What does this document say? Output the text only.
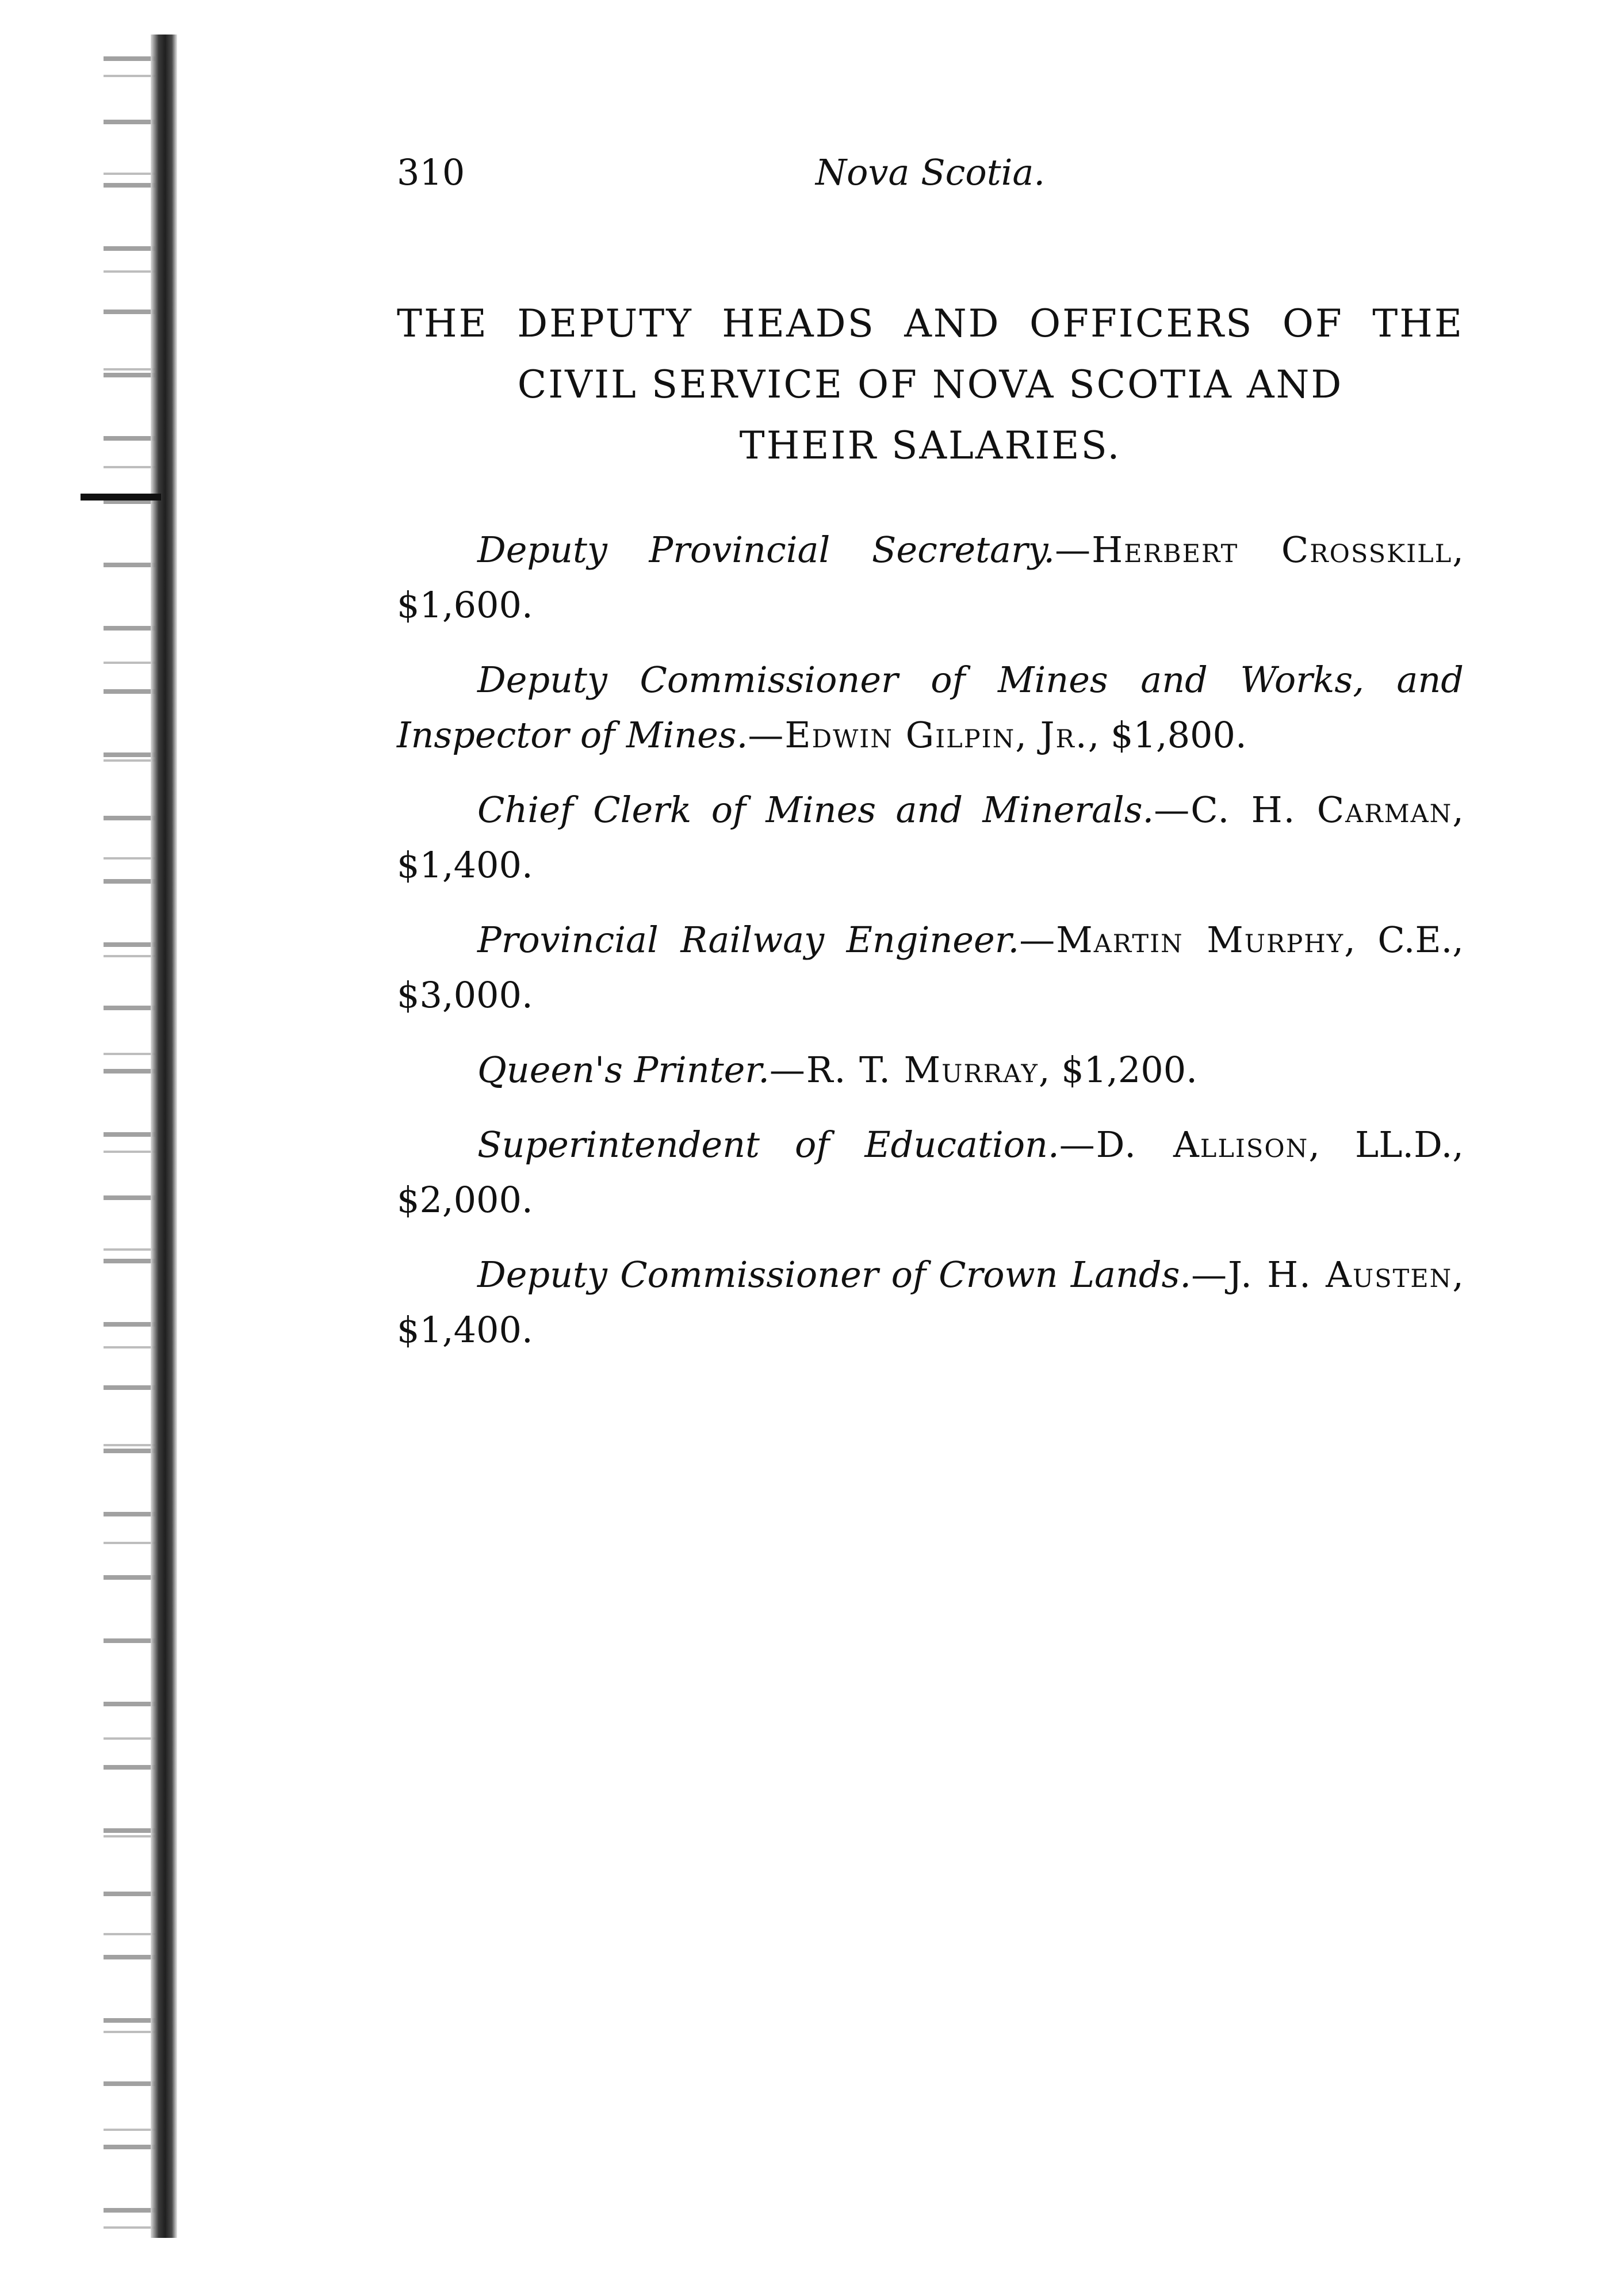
310	Nova Scotia.
THE DEPUTY HEADS AND OFFICERS OF THE
CIVIL SERVICE OF NOVA SCOTIA AND
THEIR SALARIES.

Deputy Provincial Secretary.—Herbert Crosskill, $1,600.

Deputy Commissioner of Mines and Works, and Inspector of Mines.—Edwin Gilpin, Jr., $1,800.

Chief Clerk of Mines and Minerals.—C. H. Carman, $1,400.

Provincial Railway Engineer.—Martin Murphy, C.E., $3,000.

Queen's Printer.—R. T. Murray, $1,200.

Superintendent of Education.—D. Allison, LL.D., $2,000.

Deputy Commissioner of Crown Lands.—J. H. Austen, $1,400.
